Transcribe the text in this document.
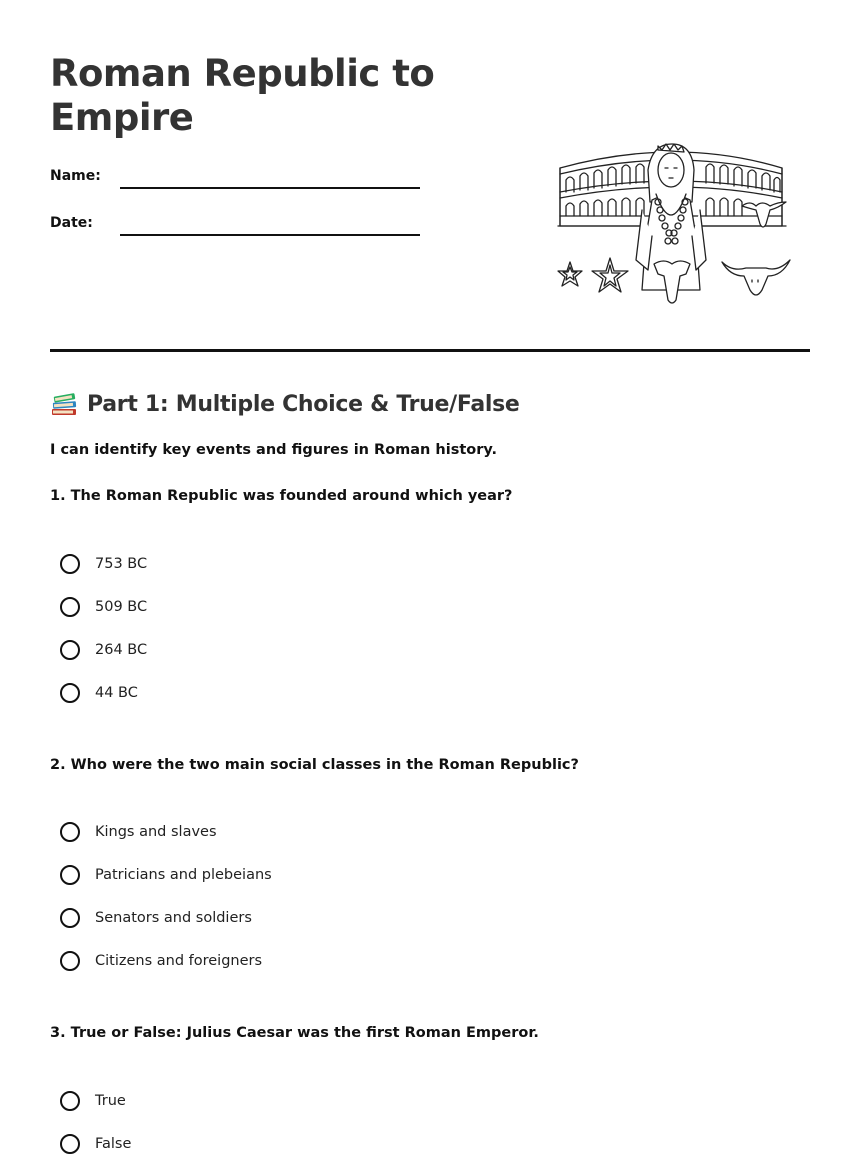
Roman Republic to Empire
Name:
Date:
Part 1: Multiple Choice & True/False

I can identify key events and figures in Roman history.

1. The Roman Republic was founded around which year?

753 BC
509 BC
264 BC
44 BC

2. Who were the two main social classes in the Roman Republic?

Kings and slaves
Patricians and plebeians
Senators and soldiers
Citizens and foreigners

3. True or False: Julius Caesar was the first Roman Emperor.

True
False
